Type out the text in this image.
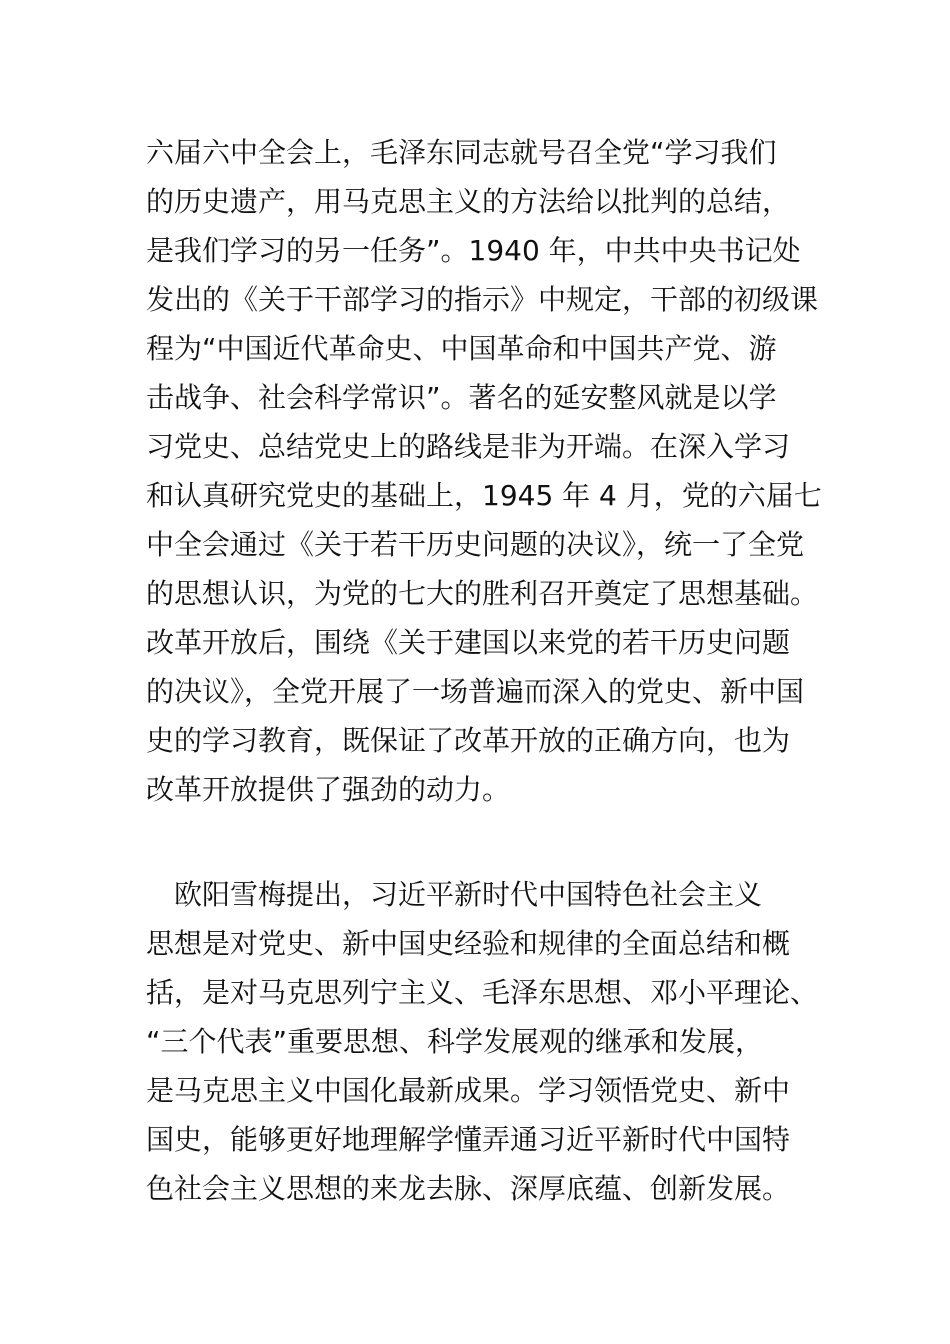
六届六中全会上，毛泽东同志就号召全党“学习我们
的历史遗产，用马克思主义的方法给以批判的总结，
是我们学习的另一任务”。1940 年，中共中央书记处
发出的《关于干部学习的指示》中规定，干部的初级课
程为“中国近代革命史、中国革命和中国共产党、游
击战争、社会科学常识”。著名的延安整风就是以学
习党史、总结党史上的路线是非为开端。在深入学习
和认真研究党史的基础上，1945 年 4 月，党的六届七
中全会通过《关于若干历史问题的决议》，统一了全党
的思想认识，为党的七大的胜利召开奠定了思想基础。
改革开放后，围绕《关于建国以来党的若干历史问题
的决议》，全党开展了一场普遍而深入的党史、新中国
史的学习教育，既保证了改革开放的正确方向，也为
改革开放提供了强劲的动力。
　欧阳雪梅提出，习近平新时代中国特色社会主义
思想是对党史、新中国史经验和规律的全面总结和概
括，是对马克思列宁主义、毛泽东思想、邓小平理论、
“三个代表”重要思想、科学发展观的继承和发展，
是马克思主义中国化最新成果。学习领悟党史、新中
国史，能够更好地理解学懂弄通习近平新时代中国特
色社会主义思想的来龙去脉、深厚底蕴、创新发展。
